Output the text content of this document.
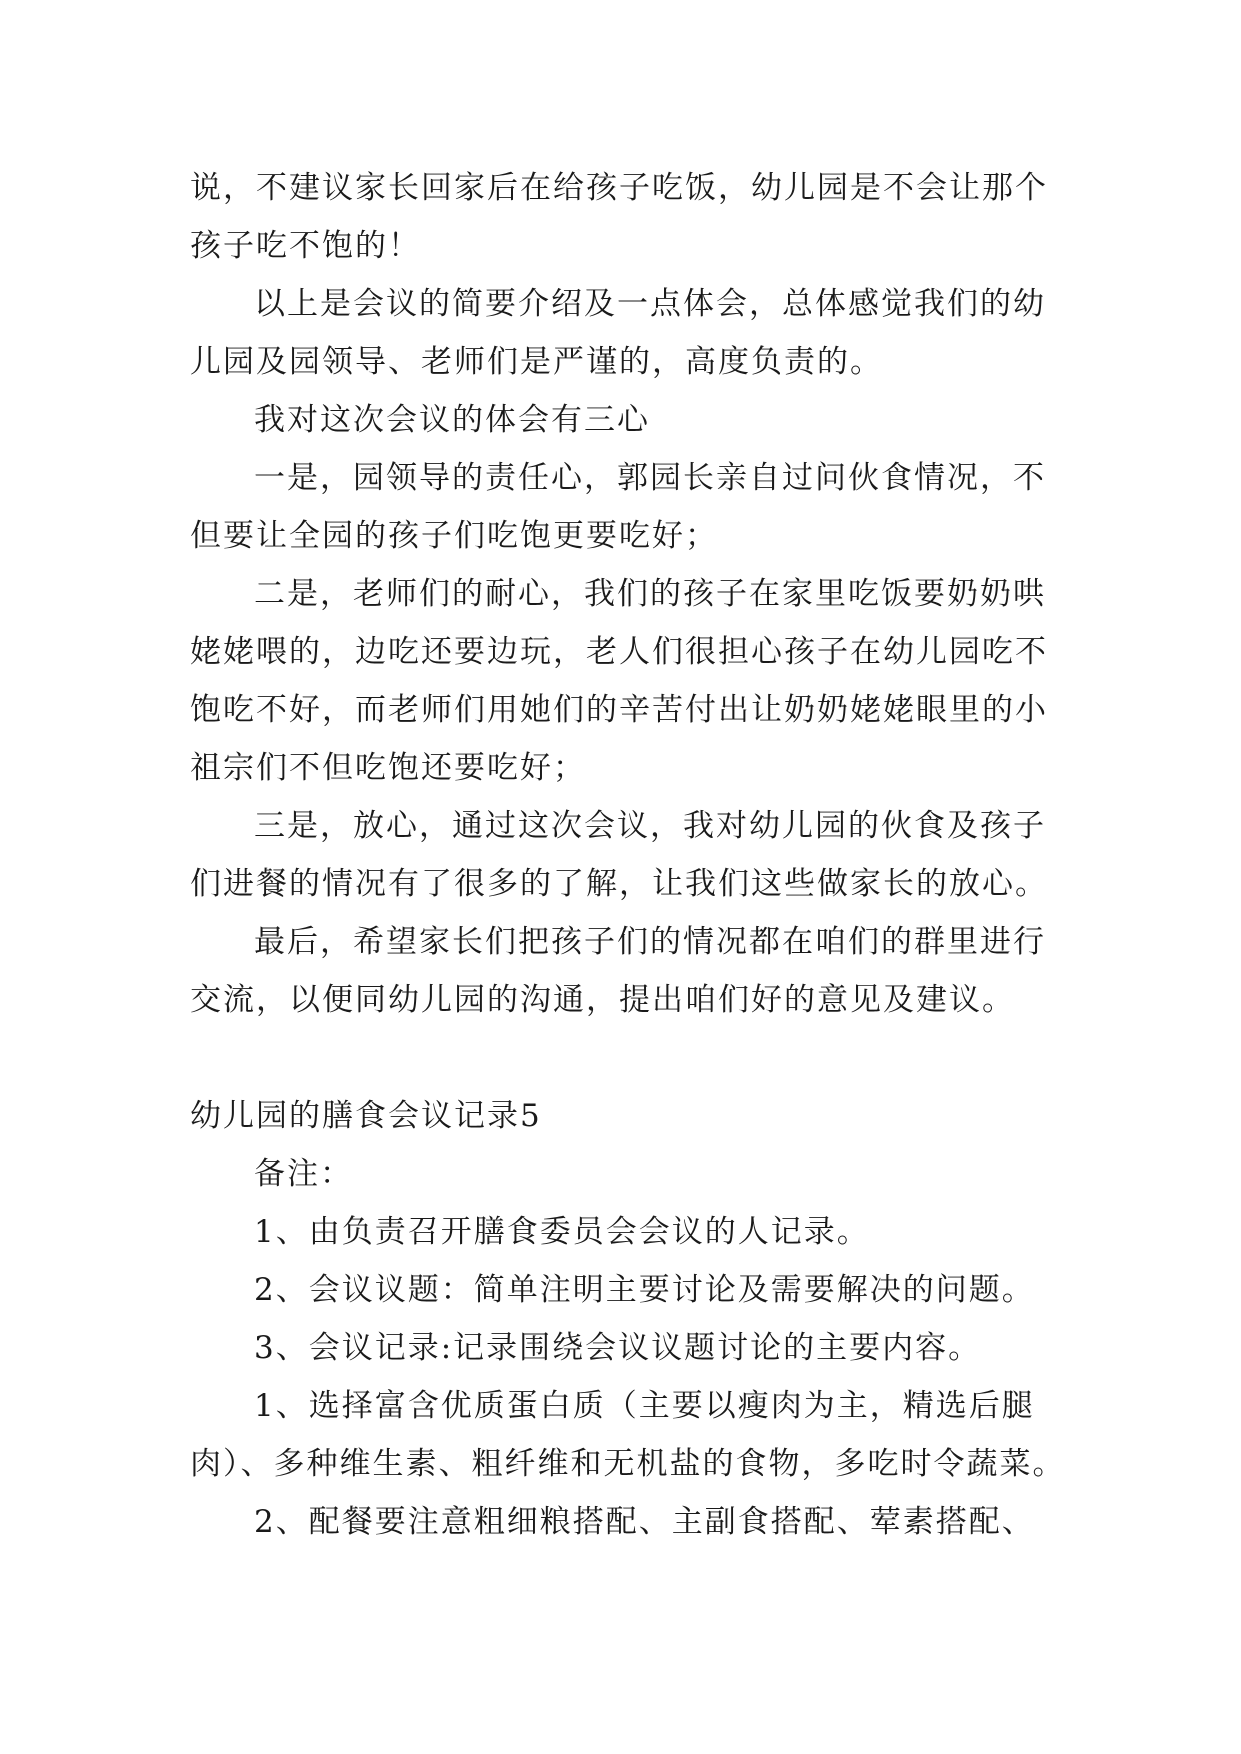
说，不建议家长回家后在给孩子吃饭，幼儿园是不会让那个
孩子吃不饱的！
以上是会议的简要介绍及一点体会，总体感觉我们的幼
儿园及园领导、老师们是严谨的，高度负责的。
我对这次会议的体会有三心
一是，园领导的责任心，郭园长亲自过问伙食情况，不
但要让全园的孩子们吃饱更要吃好；
二是，老师们的耐心，我们的孩子在家里吃饭要奶奶哄
姥姥喂的，边吃还要边玩，老人们很担心孩子在幼儿园吃不
饱吃不好，而老师们用她们的辛苦付出让奶奶姥姥眼里的小
祖宗们不但吃饱还要吃好；
三是，放心，通过这次会议，我对幼儿园的伙食及孩子
们进餐的情况有了很多的了解，让我们这些做家长的放心。
最后，希望家长们把孩子们的情况都在咱们的群里进行
交流，以便同幼儿园的沟通，提出咱们好的意见及建议。
幼儿园的膳食会议记录5
备注：
1、由负责召开膳食委员会会议的人记录。
2、会议议题：简单注明主要讨论及需要解决的问题。
3、会议记录:记录围绕会议议题讨论的主要内容。
1、选择富含优质蛋白质（主要以瘦肉为主，精选后腿
肉）、多种维生素、粗纤维和无机盐的食物，多吃时令蔬菜。
2、配餐要注意粗细粮搭配、主副食搭配、荤素搭配、
